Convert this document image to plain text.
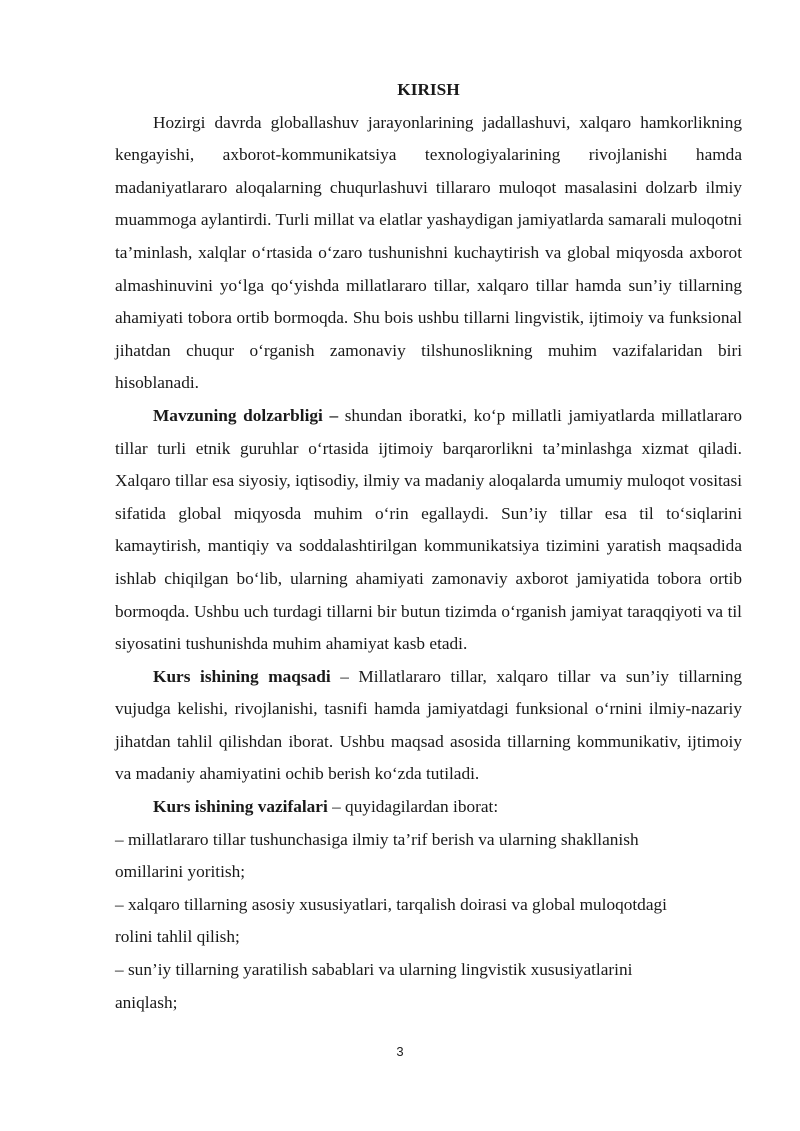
KIRISH

Hozirgi davrda globallashuv jarayonlarining jadallashuvi, xalqaro hamkorlikning kengayishi, axborot-kommunikatsiya texnologiyalarining rivojlanishi hamda madaniyatlararo aloqalarning chuqurlashuvi tillararo muloqot masalasini dolzarb ilmiy muammoga aylantirdi. Turli millat va elatlar yashaydigan jamiyatlarda samarali muloqotni ta’minlash, xalqlar o‘rtasida o‘zaro tushunishni kuchaytirish va global miqyosda axborot almashinuvini yo‘lga qo‘yishda millatlararo tillar, xalqaro tillar hamda sun’iy tillarning ahamiyati tobora ortib bormoqda. Shu bois ushbu tillarni lingvistik, ijtimoiy va funksional jihatdan chuqur o‘rganish zamonaviy tilshunoslikning muhim vazifalaridan biri hisoblanadi.

Mavzuning dolzarbligi – shundan iboratki, ko‘p millatli jamiyatlarda millatlararo tillar turli etnik guruhlar o‘rtasida ijtimoiy barqarorlikni ta’minlashga xizmat qiladi. Xalqaro tillar esa siyosiy, iqtisodiy, ilmiy va madaniy aloqalarda umumiy muloqot vositasi sifatida global miqyosda muhim o‘rin egallaydi. Sun’iy tillar esa til to‘siqlarini kamaytirish, mantiqiy va soddalashtirilgan kommunikatsiya tizimini yaratish maqsadida ishlab chiqilgan bo‘lib, ularning ahamiyati zamonaviy axborot jamiyatida tobora ortib bormoqda. Ushbu uch turdagi tillarni bir butun tizimda o‘rganish jamiyat taraqqiyoti va til siyosatini tushunishda muhim ahamiyat kasb etadi.

Kurs ishining maqsadi – Millatlararo tillar, xalqaro tillar va sun’iy tillarning vujudga kelishi, rivojlanishi, tasnifi hamda jamiyatdagi funksional o‘rnini ilmiy-nazariy jihatdan tahlil qilishdan iborat. Ushbu maqsad asosida tillarning kommunikativ, ijtimoiy va madaniy ahamiyatini ochib berish ko‘zda tutiladi.

Kurs ishining vazifalari – quyidagilardan iborat:

– millatlararo tillar tushunchasiga ilmiy ta’rif berish va ularning shakllanish omillarini yoritish;

– xalqaro tillarning asosiy xususiyatlari, tarqalish doirasi va global muloqotdagi rolini tahlil qilish;

– sun’iy tillarning yaratilish sabablari va ularning lingvistik xususiyatlarini aniqlash;

3
